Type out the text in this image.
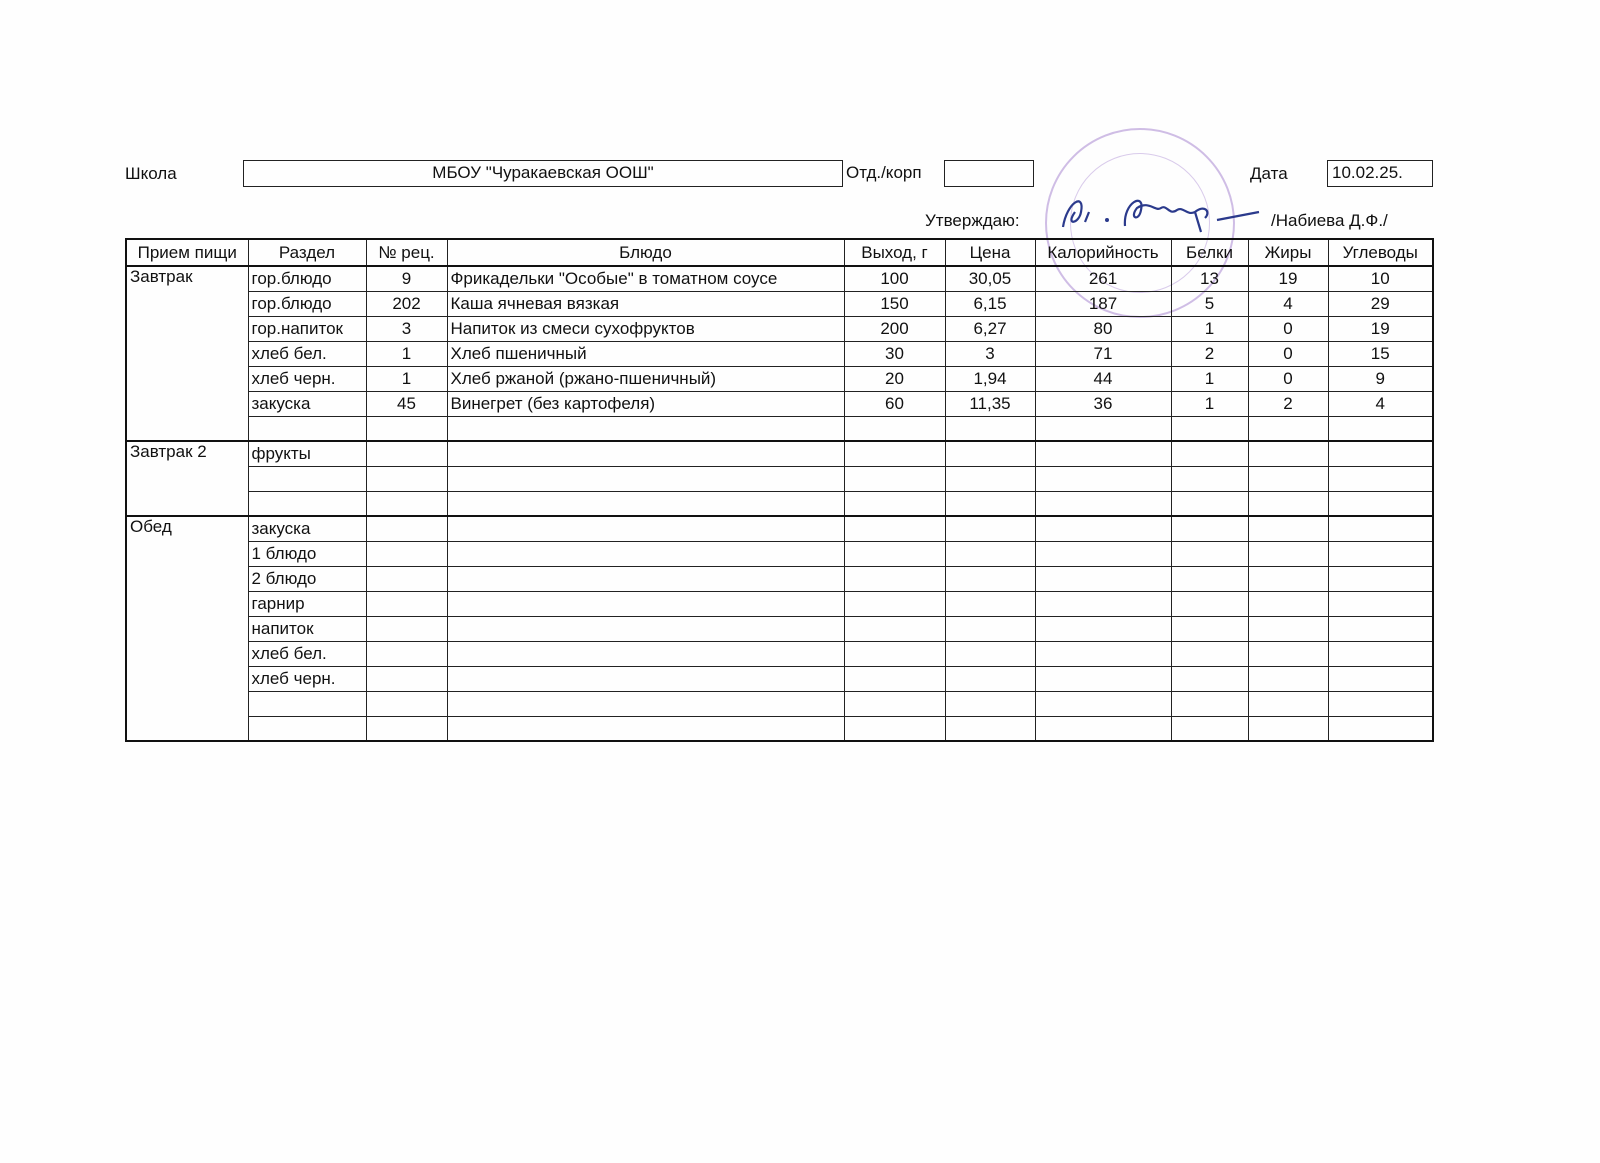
Школа	МБОУ "Чуракаевская ООШ"	Отд./корп	Дата	10.02.25.
Утверждаю:	/Набиева Д.Ф./
Прием пищи	Раздел	№ рец.	Блюдо	Выход, г	Цена	Калорийность	Белки	Жиры	Углеводы
Завтрак	гор.блюдо	9	Фрикадельки "Особые" в томатном соусе	100	30,05	261	13	19	10
	гор.блюдо	202	Каша ячневая вязкая	150	6,15	187	5	4	29
	гор.напиток	3	Напиток из смеси сухофруктов	200	6,27	80	1	0	19
	хлеб бел.	1	Хлеб пшеничный	30	3	71	2	0	15
	хлеб черн.	1	Хлеб ржаной (ржано-пшеничный)	20	1,94	44	1	0	9
	закуска	45	Винегрет (без картофеля)	60	11,35	36	1	2	4

Завтрак 2	фрукты								

Обед	закуска								
	1 блюдо								
	2 блюдо								
	гарнир								
	напиток								
	хлеб бел.								
	хлеб черн.								
